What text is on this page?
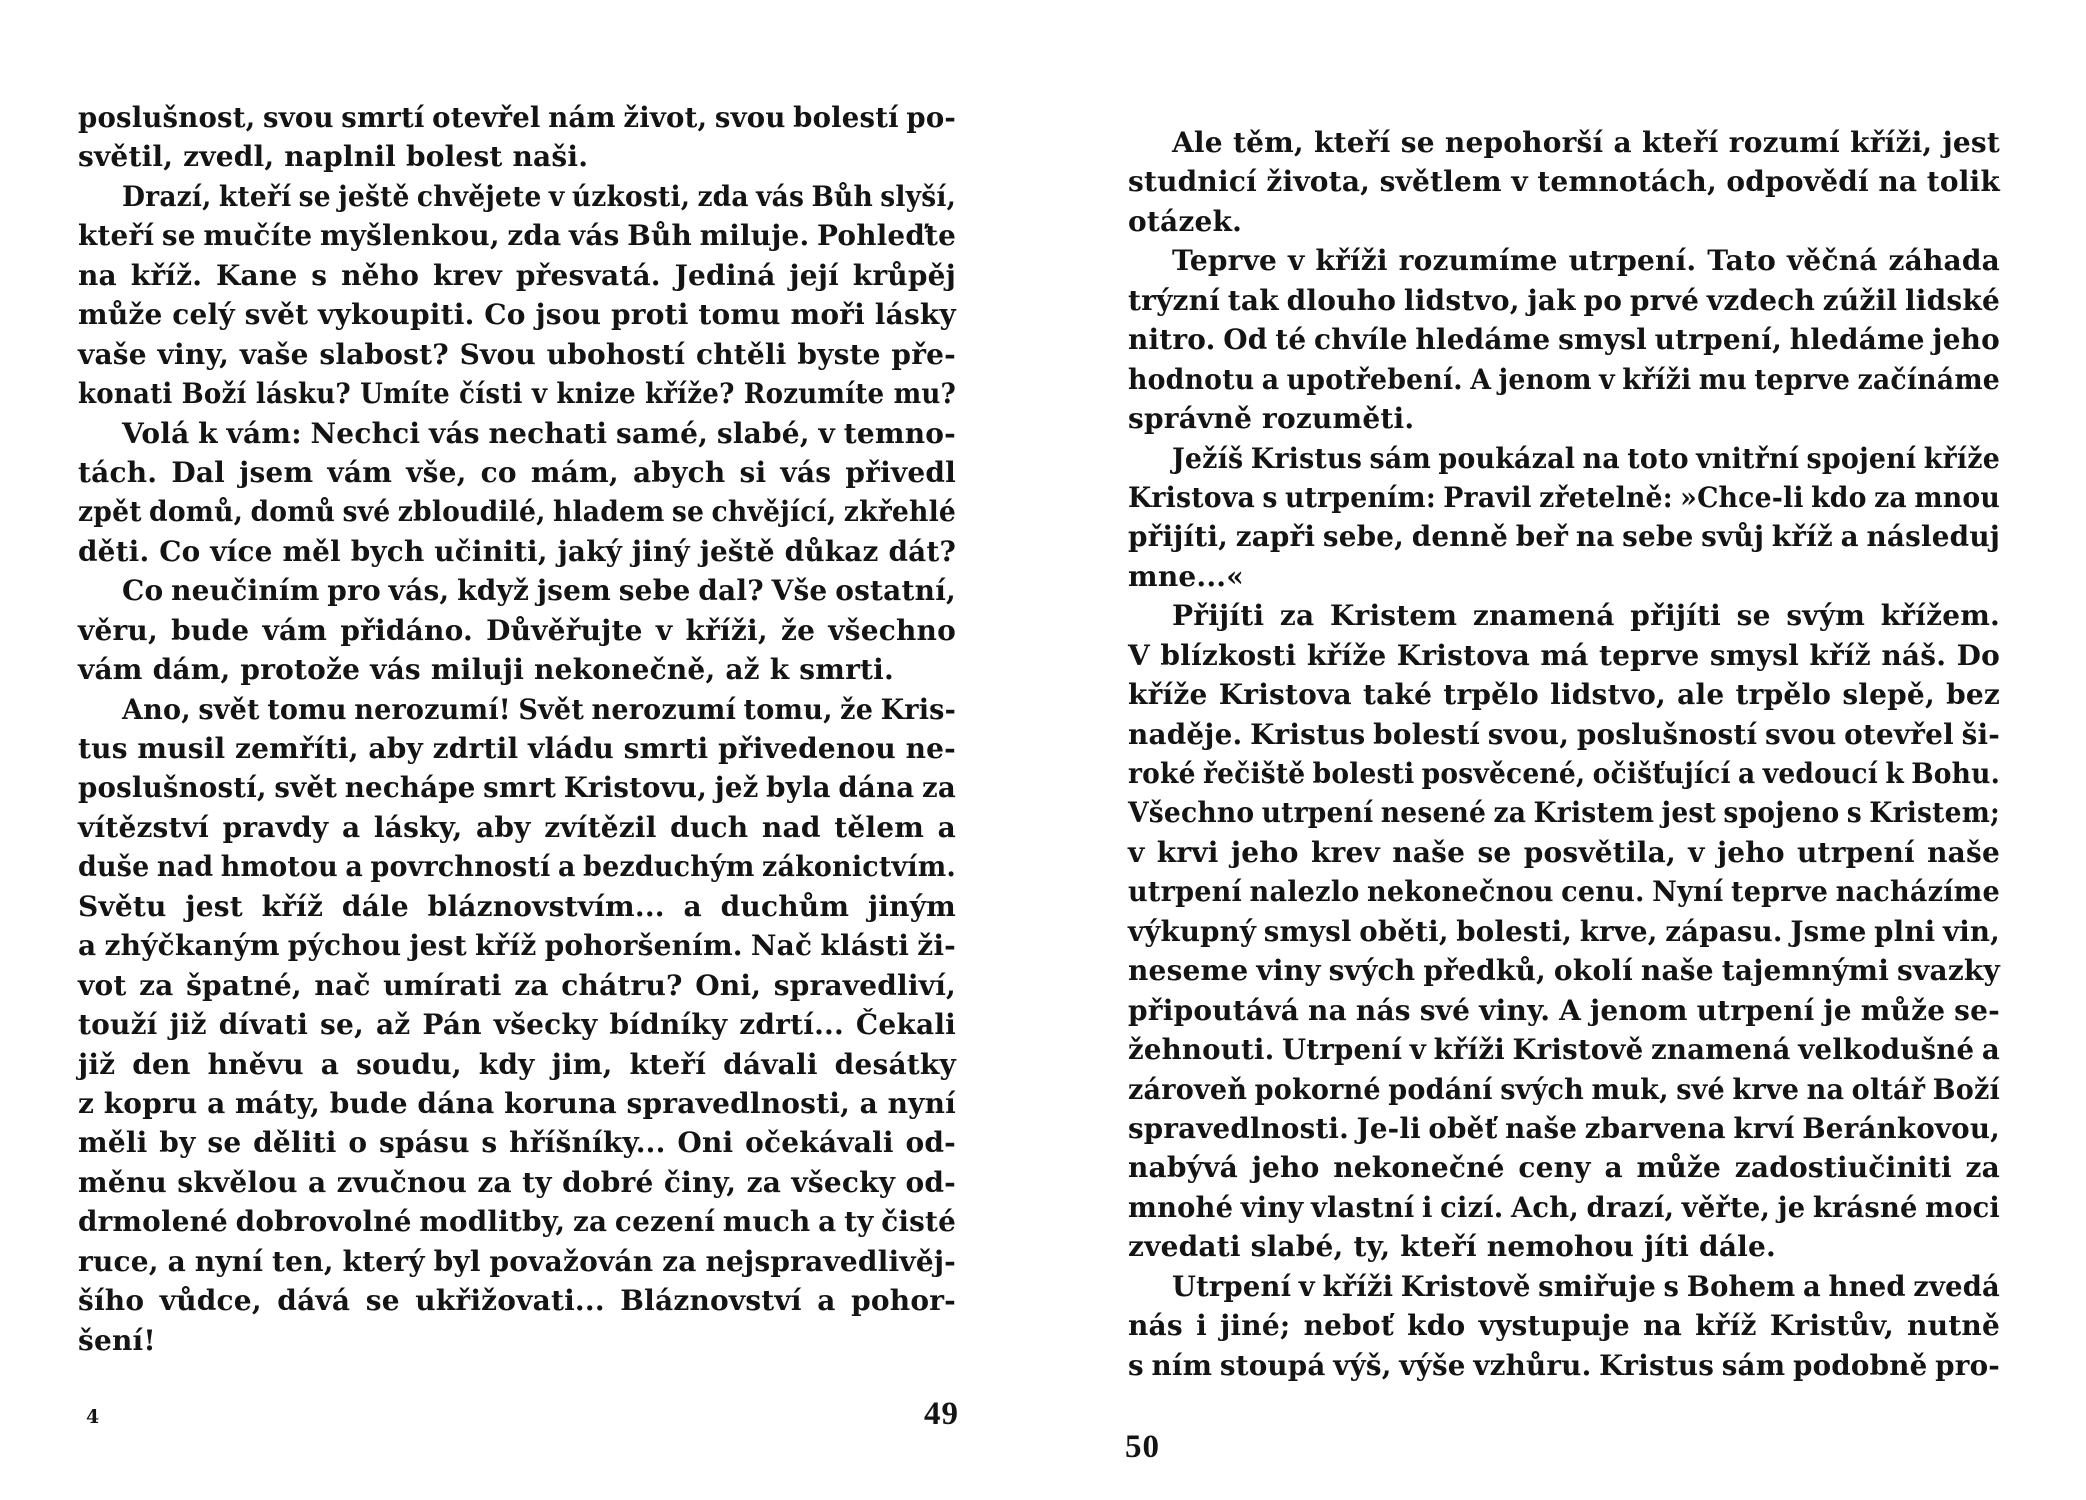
poslušnost, svou smrtí otevřel nám život, svou bolestí po-
světil, zvedl, naplnil bolest naši.
Drazí, kteří se ještě chvějete v úzkosti, zda vás Bůh slyší,
kteří se mučíte myšlenkou, zda vás Bůh miluje. Pohleďte
na kříž. Kane s něho krev přesvatá. Jediná její krůpěj
může celý svět vykoupiti. Co jsou proti tomu moři lásky
vaše viny, vaše slabost? Svou ubohostí chtěli byste pře-
konati Boží lásku? Umíte čísti v knize kříže? Rozumíte mu?
Volá k vám: Nechci vás nechati samé, slabé, v temno-
tách. Dal jsem vám vše, co mám, abych si vás přivedl
zpět domů, domů své zbloudilé, hladem se chvějící, zkřehlé
děti. Co více měl bych učiniti, jaký jiný ještě důkaz dát?
Co neučiním pro vás, když jsem sebe dal? Vše ostatní,
věru, bude vám přidáno. Důvěřujte v kříži, že všechno
vám dám, protože vás miluji nekonečně, až k smrti.
Ano, svět tomu nerozumí! Svět nerozumí tomu, že Kris-
tus musil zemříti, aby zdrtil vládu smrti přivedenou ne-
poslušností, svět nechápe smrt Kristovu, jež byla dána za
vítězství pravdy a lásky, aby zvítězil duch nad tělem a
duše nad hmotou a povrchností a bezduchým zákonictvím.
Světu jest kříž dále bláznovstvím... a duchům jiným
a zhýčkaným pýchou jest kříž pohoršením. Nač klásti ži-
vot za špatné, nač umírati za chátru? Oni, spravedliví,
touží již dívati se, až Pán všecky bídníky zdrtí... Čekali
již den hněvu a soudu, kdy jim, kteří dávali desátky
z kopru a máty, bude dána koruna spravedlnosti, a nyní
měli by se děliti o spásu s hříšníky... Oni očekávali od-
měnu skvělou a zvučnou za ty dobré činy, za všecky od-
drmolené dobrovolné modlitby, za cezení much a ty čisté
ruce, a nyní ten, který byl považován za nejspravedlivěj-
šího vůdce, dává se ukřižovati... Bláznovství a pohor-
šení!
4	49
Ale těm, kteří se nepohorší a kteří rozumí kříži, jest
studnicí života, světlem v temnotách, odpovědí na tolik
otázek.
Teprve v kříži rozumíme utrpení. Tato věčná záhada
trýzní tak dlouho lidstvo, jak po prvé vzdech zúžil lidské
nitro. Od té chvíle hledáme smysl utrpení, hledáme jeho
hodnotu a upotřebení. A jenom v kříži mu teprve začínáme
správně rozuměti.
Ježíš Kristus sám poukázal na toto vnitřní spojení kříže
Kristova s utrpením: Pravil zřetelně: »Chce-li kdo za mnou
přijíti, zapři sebe, denně beř na sebe svůj kříž a následuj
mne...«
Přijíti za Kristem znamená přijíti se svým křížem.
V blízkosti kříže Kristova má teprve smysl kříž náš. Do
kříže Kristova také trpělo lidstvo, ale trpělo slepě, bez
naděje. Kristus bolestí svou, poslušností svou otevřel ši-
roké řečiště bolesti posvěcené, očišťující a vedoucí k Bohu.
Všechno utrpení nesené za Kristem jest spojeno s Kristem;
v krvi jeho krev naše se posvětila, v jeho utrpení naše
utrpení nalezlo nekonečnou cenu. Nyní teprve nacházíme
výkupný smysl oběti, bolesti, krve, zápasu. Jsme plni vin,
neseme viny svých předků, okolí naše tajemnými svazky
připoutává na nás své viny. A jenom utrpení je může se-
žehnouti. Utrpení v kříži Kristově znamená velkodušné a
zároveň pokorné podání svých muk, své krve na oltář Boží
spravedlnosti. Je-li oběť naše zbarvena krví Beránkovou,
nabývá jeho nekonečné ceny a může zadostiučiniti za
mnohé viny vlastní i cizí. Ach, drazí, věřte, je krásné moci
zvedati slabé, ty, kteří nemohou jíti dále.
Utrpení v kříži Kristově smiřuje s Bohem a hned zvedá
nás i jiné; neboť kdo vystupuje na kříž Kristův, nutně
s ním stoupá výš, výše vzhůru. Kristus sám podobně pro-
50
